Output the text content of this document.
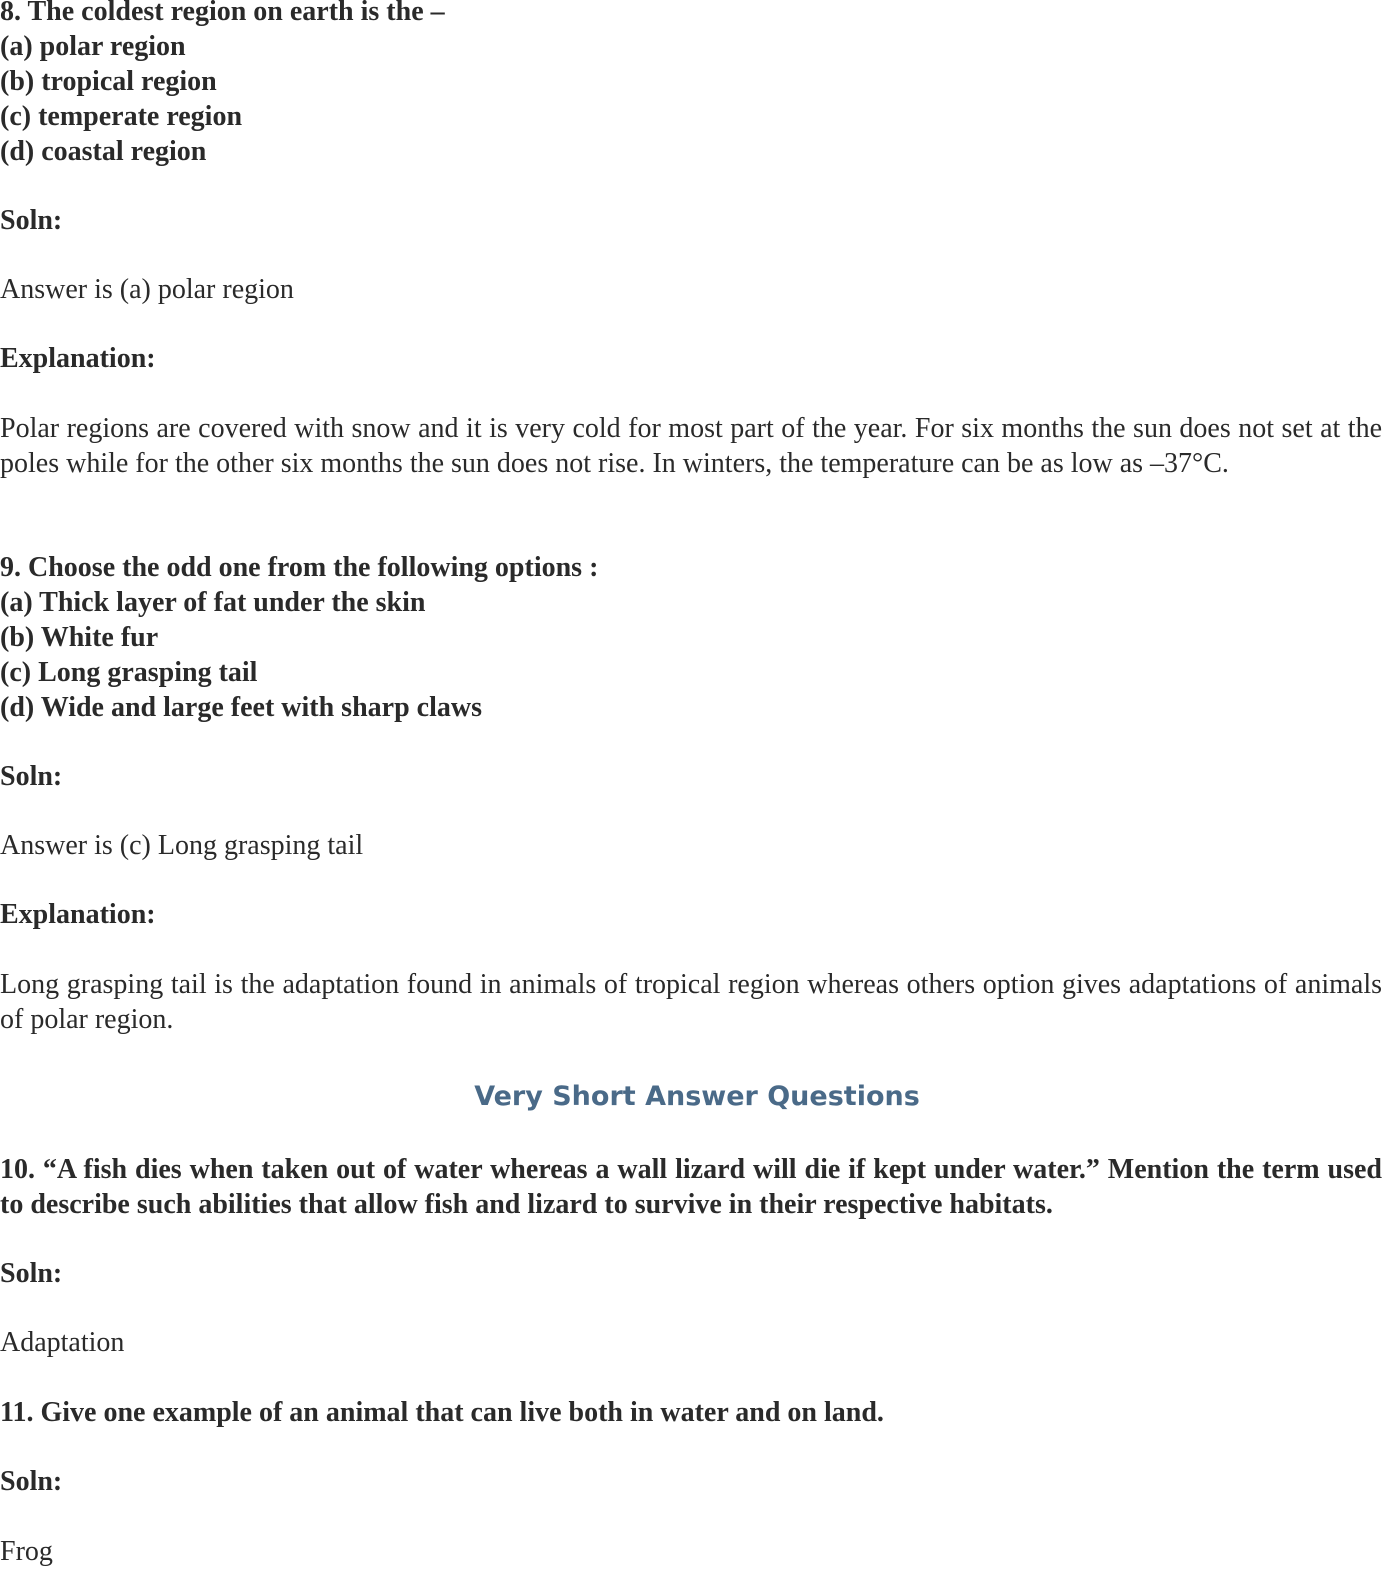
8. The coldest region on earth is the –

(a) polar region

(b) tropical region

(c) temperate region

(d) coastal region

Soln:

Answer is (a) polar region

Explanation:

Polar regions are covered with snow and it is very cold for most part of the year. For six months the sun does not set at the poles while for the other six months the sun does not rise. In winters, the temperature can be as low as –37°C.

9. Choose the odd one from the following options :

(a) Thick layer of fat under the skin

(b) White fur

(c) Long grasping tail

(d) Wide and large feet with sharp claws

Soln:

Answer is (c) Long grasping tail

Explanation:

Long grasping tail is the adaptation found in animals of tropical region whereas others option gives adaptations of animals of polar region.

Very Short Answer Questions

10. “A fish dies when taken out of water whereas a wall lizard will die if kept under water.” Mention the term used to describe such abilities that allow fish and lizard to survive in their respective habitats.

Soln:

Adaptation

11. Give one example of an animal that can live both in water and on land.

Soln:

Frog
